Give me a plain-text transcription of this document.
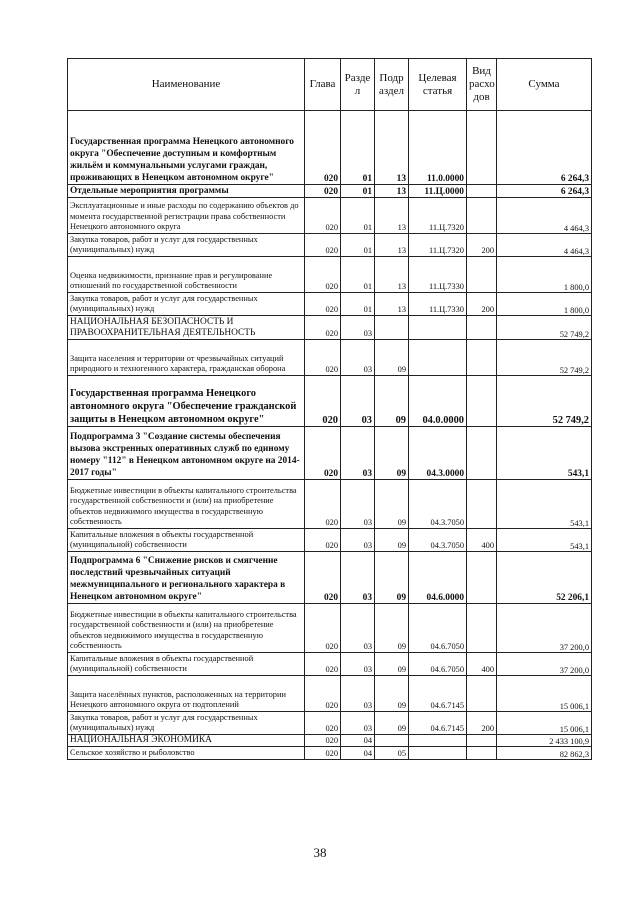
Наименование	Глава	Разде л	Подр аздел	Целевая статья	Вид расхо дов	Сумма
Государственная программа Ненецкого автономного округа "Обеспечение доступным и комфортным жильём и коммунальными услугами граждан, проживающих в Ненецком автономном округе"	020	01	13	11.0.0000		6 264,3
Отдельные мероприятия программы	020	01	13	11.Ц.0000		6 264,3
Эксплуатационные и иные расходы по содержанию объектов до момента государственной регистрации права собственности Ненецкого автономного округа	020	01	13	11.Ц.7320		4 464,3
Закупка товаров, работ и услуг для государственных (муниципальных) нужд	020	01	13	11.Ц.7320	200	4 464,3
Оценка недвижимости, признание прав и регулирование отношений по государственной собственности	020	01	13	11.Ц.7330		1 800,0
Закупка товаров, работ и услуг для государственных (муниципальных) нужд	020	01	13	11.Ц.7330	200	1 800,0
НАЦИОНАЛЬНАЯ БЕЗОПАСНОСТЬ И ПРАВООХРАНИТЕЛЬНАЯ ДЕЯТЕЛЬНОСТЬ	020	03				52 749,2
Защита населения и территории от чрезвычайных ситуаций природного и техногенного характера, гражданская оборона	020	03	09			52 749,2
Государственная программа Ненецкого автономного округа "Обеспечение гражданской защиты в Ненецком автономном округе"	020	03	09	04.0.0000		52 749,2
Подпрограмма 3 "Создание системы обеспечения вызова экстренных оперативных служб по единому номеру "112" в Ненецком автономном округе на 2014-2017 годы"	020	03	09	04.3.0000		543,1
Бюджетные инвестиции в объекты капитального строительства государственной собственности и (или) на приобретение объектов недвижимого имущества в государственную собственность	020	03	09	04.3.7050		543,1
Капитальные вложения в объекты государственной (муниципальной) собственности	020	03	09	04.3.7050	400	543,1
Подпрограмма 6 "Снижение рисков и смягчение последствий чрезвычайных ситуаций межмуниципального и регионального характера в Ненецком автономном округе"	020	03	09	04.6.0000		52 206,1
Бюджетные инвестиции в объекты капитального строительства государственной собственности и (или) на приобретение объектов недвижимого имущества в государственную собственность	020	03	09	04.6.7050		37 200,0
Капитальные вложения в объекты государственной (муниципальной) собственности	020	03	09	04.6.7050	400	37 200,0
Защита населённых пунктов, расположенных на территории Ненецкого автономного округа от подтоплений	020	03	09	04.6.7145		15 006,1
Закупка товаров, работ и услуг для государственных (муниципальных) нужд	020	03	09	04.6.7145	200	15 006,1
НАЦИОНАЛЬНАЯ ЭКОНОМИКА	020	04				2 433 100,9
Сельское хозяйство и рыболовство	020	04	05			82 862,3
38
